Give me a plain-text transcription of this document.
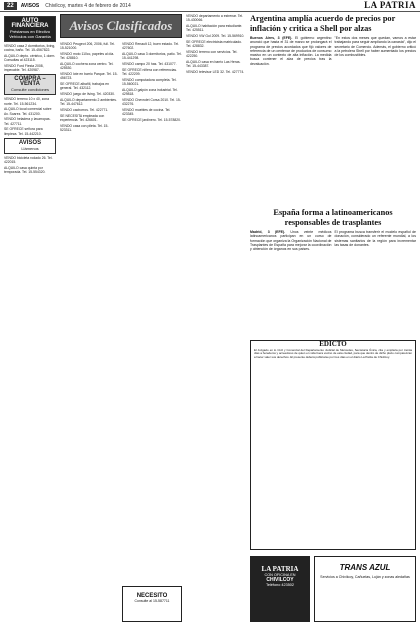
22	AVISOS Chivilcoy, martes 4 de febrero de 2014	LA PATRIA
AUTO FINANCIERA
Préstamos en Efectivo
Vehículos con Garantía

VENDO casa 2 dormitorios, living, cocina, baño. Tel. 15-4567822.

ALQUILO depto. céntrico, 1 dorm. Consultas al 423115.

VENDO Ford Fiesta 2008, impecable. Tel. 420987.

COMPRA – VENTA
Consulte condiciones

VENDO terreno 10 x 40, zona norte. Tel. 15-561234.

ALQUILO local comercial sobre Av. Soarez. Tel. 431200.

VENDO heladera y lavarropas. Tel. 427711.

SE OFRECE señora para limpieza. Tel. 15-442210.

AVISOS
Llámenos

VENDO bicicleta rodado 26. Tel. 422015.

ALQUILO casa quinta por temporada. Tel. 15-554320.

Avisos Clasificados

VENDO Peugeot 206, 2006, full. Tel. 15-521000.

VENDO moto 110cc, papeles al día. Tel. 428810.

ALQUILO cochera zona centro. Tel. 425530.

VENDO lote en barrio Parque. Tel. 15-456723.

SE OFRECE albañil, trabajos en general. Tel. 432112.

VENDO juego de living. Tel. 420330.

ALQUILO departamento 2 ambientes. Tel. 15-447612.

VENDO cachorros. Tel. 422771.

SE NECESITA empleada con experiencia. Tel. 426601.

VENDO casa con pileta. Tel. 15-523311.

VENDO Renault 12, buen estado. Tel. 427602.

ALQUILO casa 3 dormitorios, patio. Tel. 15-441298.

VENDO campo 20 has. Tel. 431077.

SE OFRECE niñera con referencias. Tel. 422209.

VENDO computadora completa. Tel. 15-560021.

ALQUILO galpón zona industrial. Tel. 429818.

VENDO Chevrolet Corsa 2010. Tel. 15-432276.

VENDO muebles de cocina. Tel. 423345.

SE OFRECE jardinero. Tel. 15-578820.

NECESITO
Consulte al 15-587711

VENDO departamento a estrenar. Tel. 15-430066.

ALQUILO habitación para estudiante. Tel. 425511.

VENDO VW Gol 2009. Tel. 15-569910.

SE OFRECE electricista matriculado. Tel. 428832.

VENDO terreno con servicios. Tel. 422250.

ALQUILO casa en barrio Las Heras. Tel. 15-443387.

VENDO televisor LED 32. Tel. 427774.

Argentina amplía acuerdo de precios por inflación y critica a Shell por alzas
Buenos Aires, 3 (EFE). El gobierno argentino anunció que hasta el 31 de marzo se prolongará el programa de precios acordados que fijó valores de referencia de un centenar de productos de consumo masivo en un contexto de alta inflación. La medida busca contener el alza de precios tras la devaluación.
"En estos dos meses que quedan, vamos a estar trabajando para seguir ampliando la canasta", dijo el secretario de Comercio. Además, el gobierno criticó a la petrolera Shell por haber aumentado los precios de los combustibles.
España forma a latinoamericanos responsables de trasplantes
Madrid, 3 (EFE). Unos veinte médicos latinoamericanos participan en un curso de formación que organiza la Organización Nacional de Trasplantes de España para mejorar la coordinación y obtención de órganos en sus países.
El programa busca transferir el modelo español de donación, considerado un referente mundial, a los sistemas sanitarios de la región para incrementar las tasas de donantes.
EDICTO
El Juzgado en lo Civil y Comercial del Departamento Judicial de Mercedes, Secretaría Única, cita y emplaza por treinta días a herederos y acreedores de quien en vida fuera vecino de esta ciudad, para que dentro de dicho plazo comparezcan a hacer valer sus derechos. El presente deberá publicarse por tres días en el diario La Patria de Chivilcoy.
LA PATRIA
CON OFICINA EN
CHIVILCOY
Teléfono 423502
TRANS AZUL
Servicios a Chivilcoy, Cañuelas, Luján y zonas aledañas
